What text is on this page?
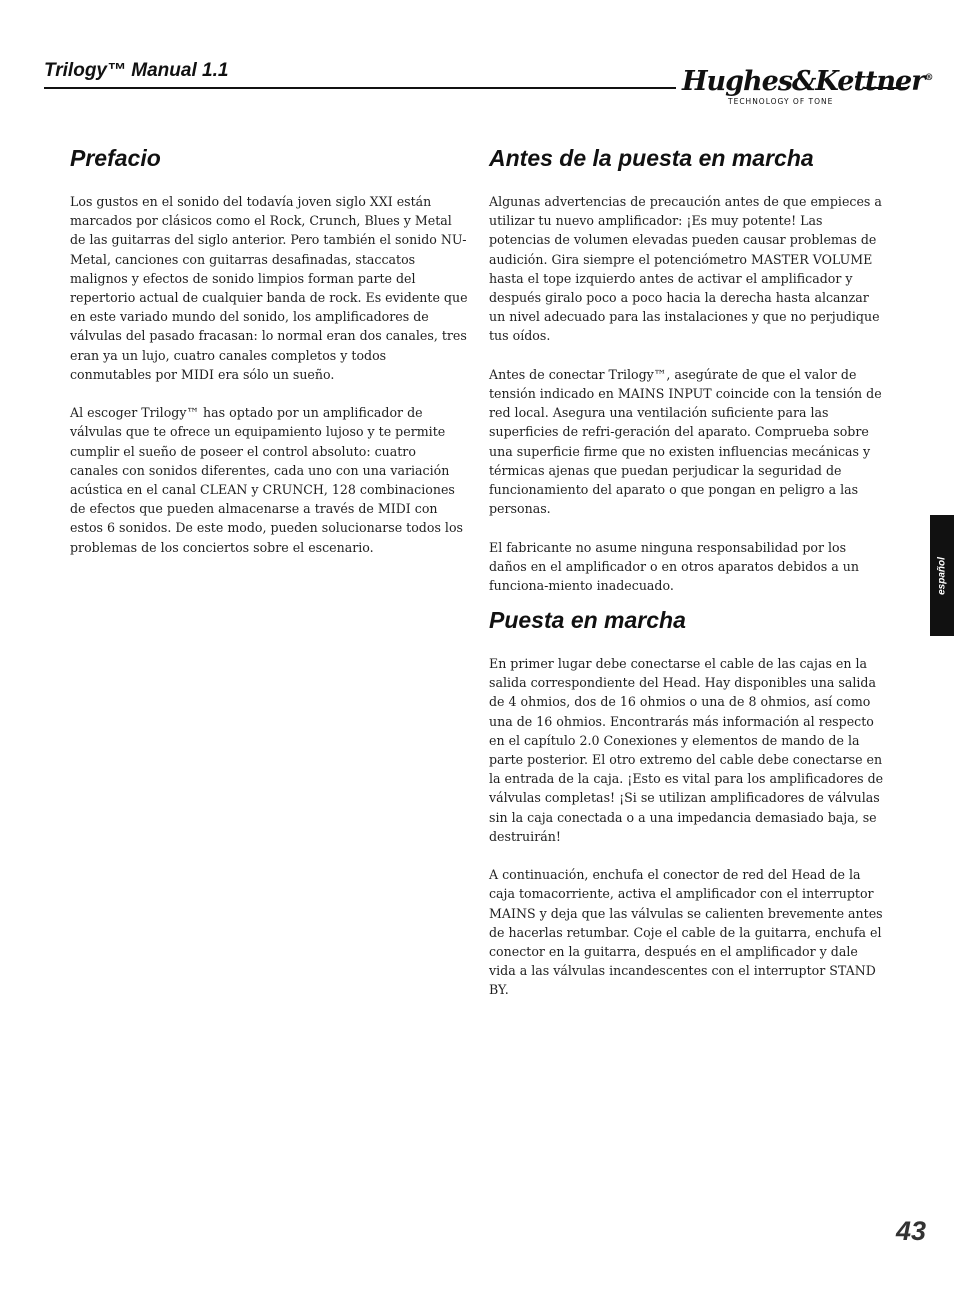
Trilogy™ Manual 1.1	Hughes&Kettner®
TECHNOLOGY OF TONE
Prefacio

Los gustos en el sonido del todavía joven siglo XXI están marcados por clásicos como el Rock, Crunch, Blues y Metal de las guitarras del siglo anterior. Pero también el sonido NU-Metal, canciones con guitarras desafinadas, staccatos malignos y efectos de sonido limpios forman parte del repertorio actual de cualquier banda de rock. Es evidente que en este variado mundo del sonido, los amplificadores de válvulas del pasado fracasan: lo normal eran dos canales, tres eran ya un lujo, cuatro canales completos y todos conmutables por MIDI era sólo un sueño.

Al escoger Trilogy™ has optado por un amplificador de válvulas que te ofrece un equipamiento lujoso y te permite cumplir el sueño de poseer el control absoluto: cuatro canales con sonidos diferentes, cada uno con una variación acústica en el canal CLEAN y CRUNCH, 128 combinaciones de efectos que pueden almacenarse a través de MIDI con estos 6 sonidos. De este modo, pueden solucionarse todos los problemas de los conciertos sobre el escenario.

Antes de la puesta en marcha

Algunas advertencias de precaución antes de que empieces a utilizar tu nuevo amplificador: ¡Es muy potente! Las potencias de volumen elevadas pueden causar problemas de audición. Gira siempre el potenciómetro MASTER VOLUME hasta el tope izquierdo antes de activar el amplificador y después giralo poco a poco hacia la derecha hasta alcanzar un nivel adecuado para las instalaciones y que no perjudique tus oídos.

Antes de conectar Trilogy™, asegúrate de que el valor de tensión indicado en MAINS INPUT coincide con la tensión de red local. Asegura una ventilación suficiente para las superficies de refri-geración del aparato. Comprueba sobre una superficie firme que no existen influencias mecánicas y térmicas ajenas que puedan perjudicar la seguridad de funcionamiento del aparato o que pongan en peligro a las personas.

El fabricante no asume ninguna responsabilidad por los daños en el amplificador o en otros aparatos debidos a un funciona-miento inadecuado.

Puesta en marcha

En primer lugar debe conectarse el cable de las cajas en la salida correspondiente del Head. Hay disponibles una salida de 4 ohmios, dos de 16 ohmios o una de 8 ohmios, así como una de 16 ohmios. Encontrarás más información al respecto en el capítulo 2.0 Conexiones y elementos de mando de la parte posterior. El otro extremo del cable debe conectarse en la entrada de la caja. ¡Esto es vital para los amplificadores de válvulas completas! ¡Si se utilizan amplificadores de válvulas sin la caja conectada o a una impedancia demasiado baja, se destruirán!

A continuación, enchufa el conector de red del Head de la caja tomacorriente, activa el amplificador con el interruptor MAINS y deja que las válvulas se calienten brevemente antes de hacerlas retumbar. Coje el cable de la guitarra, enchufa el conector en la guitarra, después en el amplificador y dale vida a las válvulas incandescentes con el interruptor STAND BY.

español
43
